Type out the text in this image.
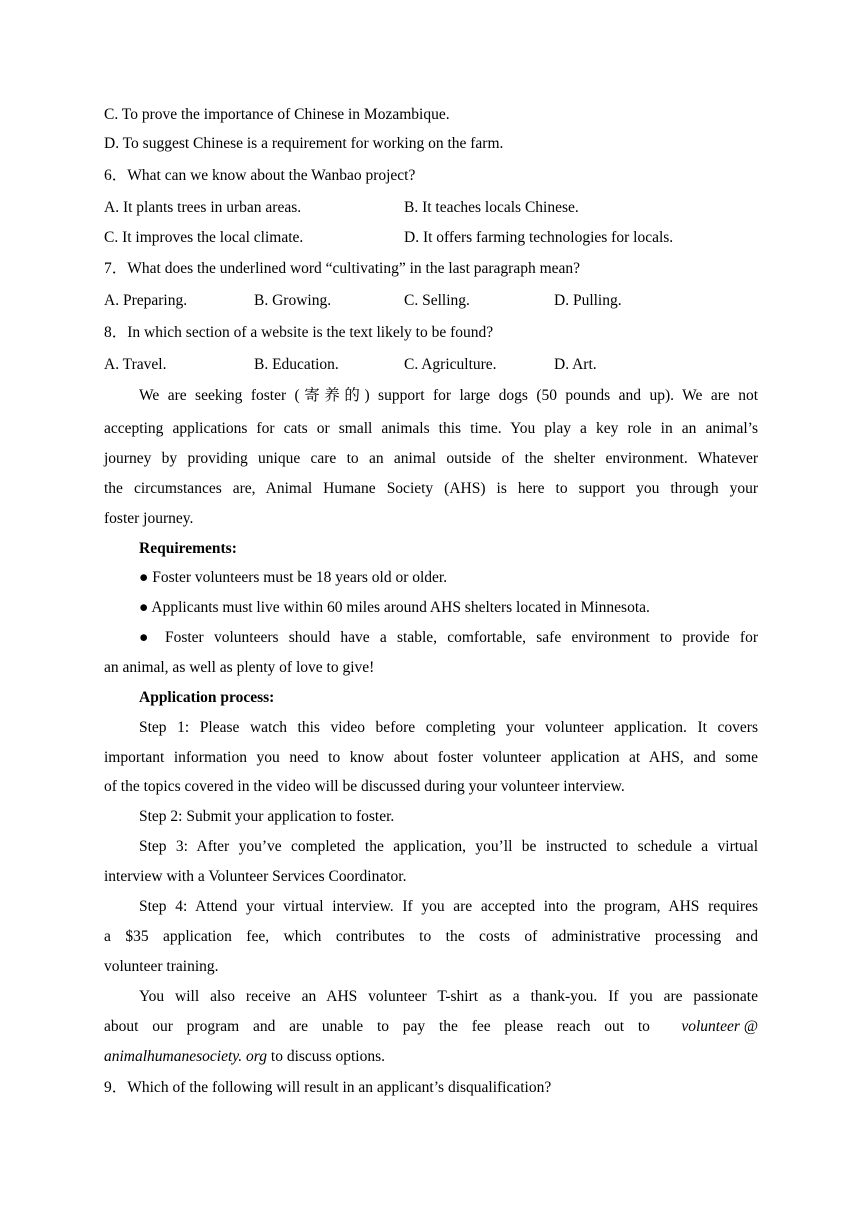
C. To prove the importance of Chinese in Mozambique.
D. To suggest Chinese is a requirement for working on the farm.
6．What can we know about the Wanbao project?
A. It plants trees in urban areas.	B. It teaches locals Chinese.
C. It improves the local climate.	D. It offers farming technologies for locals.
7．What does the underlined word “cultivating” in the last paragraph mean?
A. Preparing.	B. Growing.	C. Selling.	D. Pulling.
8．In which section of a website is the text likely to be found?
A. Travel.	B. Education.	C. Agriculture.	D. Art.
We are seeking foster (寄养的) support for large dogs (50 pounds and up). We are not
accepting applications for cats or small animals this time. You play a key role in an animal’s
journey by providing unique care to an animal outside of the shelter environment. Whatever
the circumstances are, Animal Humane Society (AHS) is here to support you through your
foster journey.
Requirements:
● Foster volunteers must be 18 years old or older.
● Applicants must live within 60 miles around AHS shelters located in Minnesota.
● Foster volunteers should have a stable, comfortable, safe environment to provide for
an animal, as well as plenty of love to give!
Application process:
Step 1: Please watch this video before completing your volunteer application. It covers
important information you need to know about foster volunteer application at AHS, and some
of the topics covered in the video will be discussed during your volunteer interview.
Step 2: Submit your application to foster.
Step 3: After you’ve completed the application, you’ll be instructed to schedule a virtual
interview with a Volunteer Services Coordinator.
Step 4: Attend your virtual interview. If you are accepted into the program, AHS requires
a $35 application fee, which contributes to the costs of administrative processing and
volunteer training.
You will also receive an AHS volunteer T-shirt as a thank-you. If you are passionate
about our program and are unable to pay the fee please reach out to volunteer @
animalhumanesociety. org to discuss options.
9．Which of the following will result in an applicant’s disqualification?
